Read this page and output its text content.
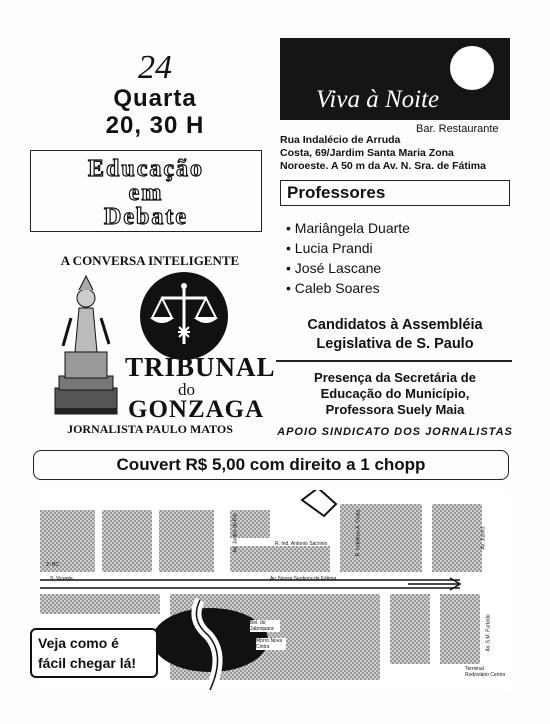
24
Quarta
20, 30 H
Educação
em
Debate
A CONVERSA INTELIGENTE
TRIBUNAL
do
GONZAGA
JORNALISTA PAULO MATOS
Viva à Noite
Bar. Restaurante
Rua Indalécio de Arruda
Costa, 69/Jardim Santa Maria Zona
Noroeste. A 50 m da Av. N. Sra. de Fátima
Professores
• Mariângela Duarte
• Lucia Prandi
• José Lascane
• Caleb Soares
Candidatos à Assembléia
Legislativa de S. Paulo
Presença da Secretária de
Educação do Município,
Professora Suely Maia
APOIO SINDICATO DOS JORNALISTAS
Couvert R$ 5,00 com direito a 1 chopp
Av. Nossa Senhora de Fátima
R. Ind. Antonio Sacrinio	R. Indalécio A. Costa
S. Vicente
2º BC
Av. Jardim do Rio
Bel. do Jaboquara
Morro Nova Cintra
Terminal Rodoviário Centro
Av. S.M. Furtado
Av. Juarez
Veja como é
fácil chegar lá!
